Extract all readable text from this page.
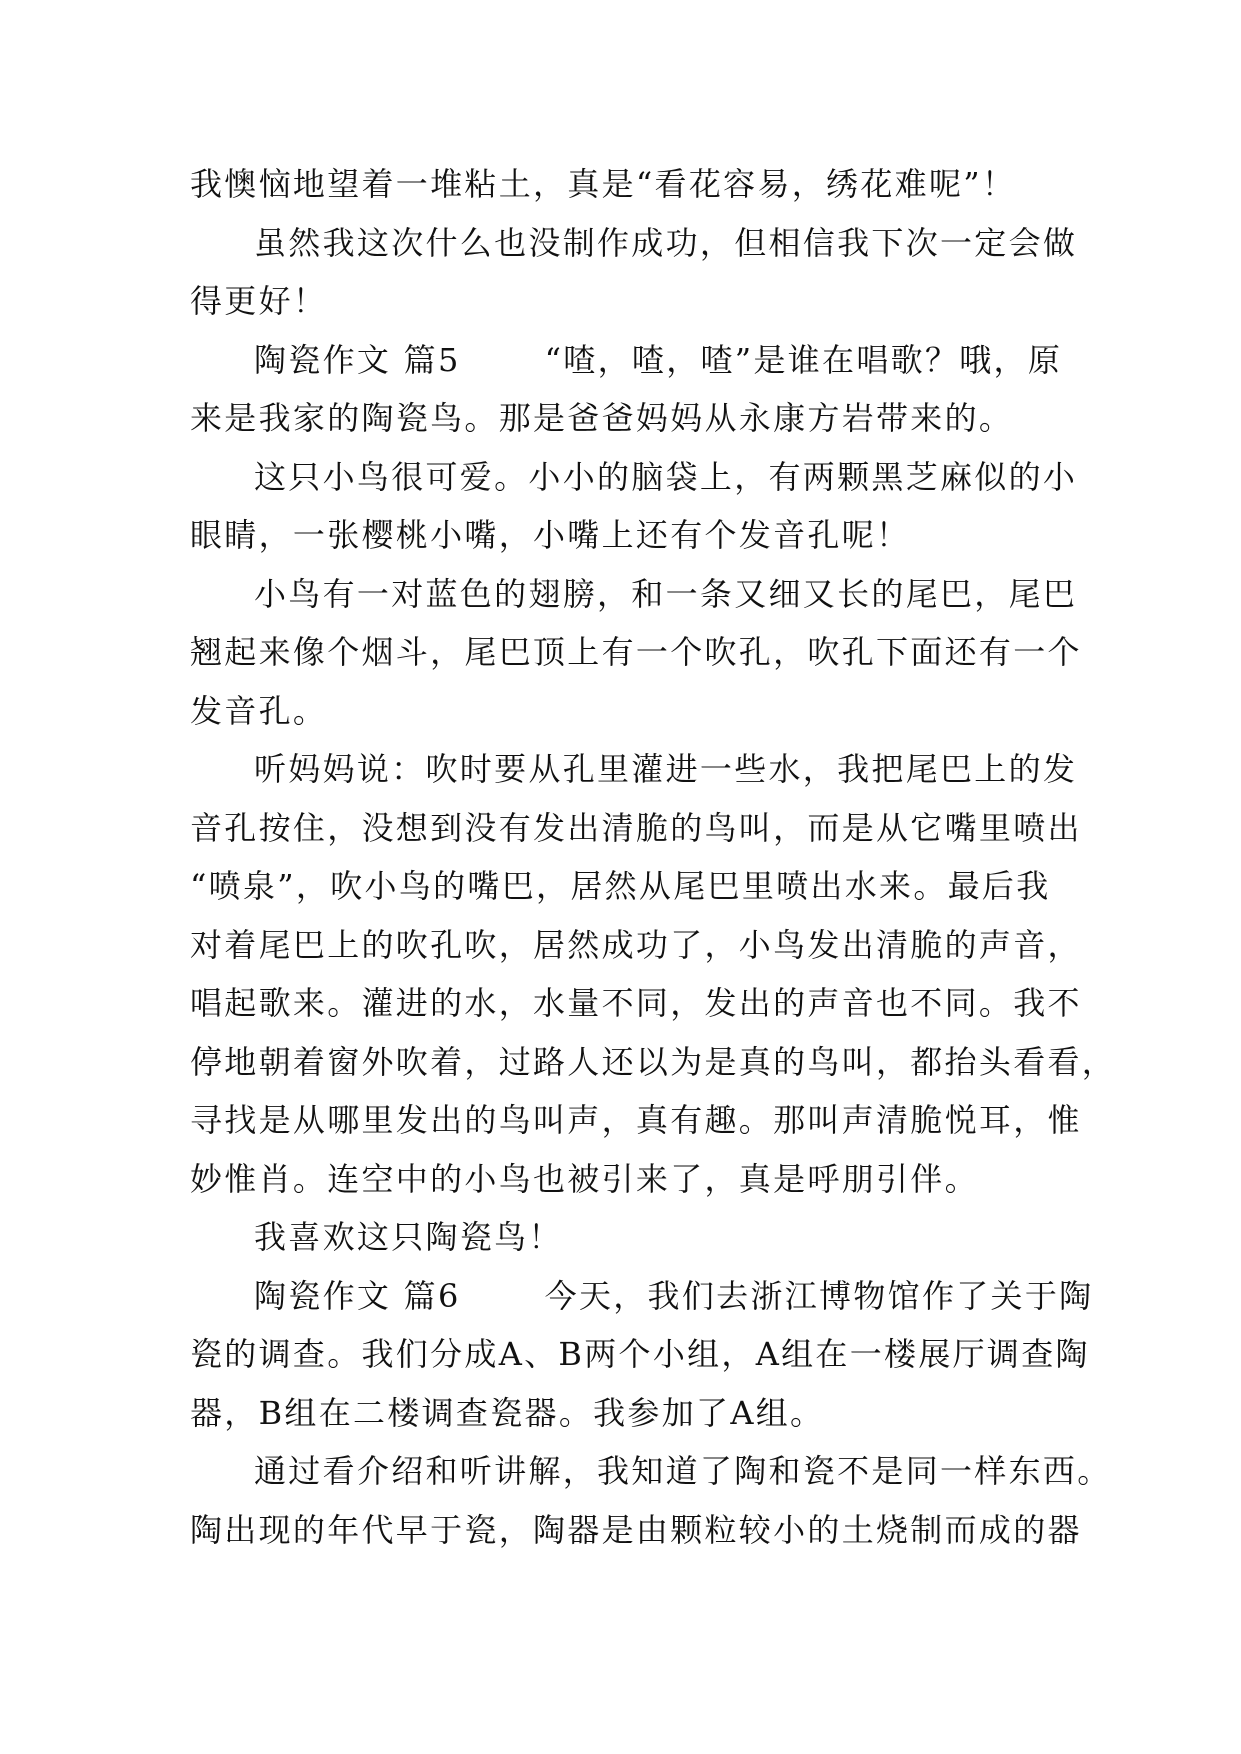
我懊恼地望着一堆粘土，真是“看花容易，绣花难呢”！
虽然我这次什么也没制作成功，但相信我下次一定会做
得更好！
陶瓷作文 篇5	“喳，喳，喳”是谁在唱歌？哦，原
来是我家的陶瓷鸟。那是爸爸妈妈从永康方岩带来的。
这只小鸟很可爱。小小的脑袋上，有两颗黑芝麻似的小
眼睛，一张樱桃小嘴，小嘴上还有个发音孔呢！
小鸟有一对蓝色的翅膀，和一条又细又长的尾巴，尾巴
翘起来像个烟斗，尾巴顶上有一个吹孔，吹孔下面还有一个
发音孔。
听妈妈说：吹时要从孔里灌进一些水，我把尾巴上的发
音孔按住，没想到没有发出清脆的鸟叫，而是从它嘴里喷出
“喷泉”，吹小鸟的嘴巴，居然从尾巴里喷出水来。最后我
对着尾巴上的吹孔吹，居然成功了，小鸟发出清脆的声音，
唱起歌来。灌进的水，水量不同，发出的声音也不同。我不
停地朝着窗外吹着，过路人还以为是真的鸟叫，都抬头看看，
寻找是从哪里发出的鸟叫声，真有趣。那叫声清脆悦耳，惟
妙惟肖。连空中的小鸟也被引来了，真是呼朋引伴。
我喜欢这只陶瓷鸟！
陶瓷作文 篇6	今天，我们去浙江博物馆作了关于陶
瓷的调查。我们分成A、B两个小组，A组在一楼展厅调查陶
器，B组在二楼调查瓷器。我参加了A组。
通过看介绍和听讲解，我知道了陶和瓷不是同一样东西。
陶出现的年代早于瓷，陶器是由颗粒较小的土烧制而成的器
